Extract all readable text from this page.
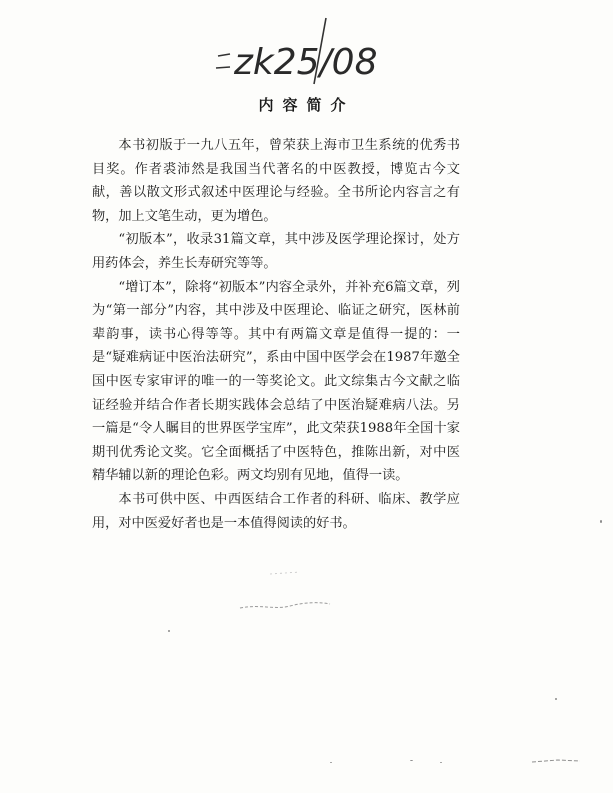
zk25/08
内容简介

本书初版于一九八五年，曾荣获上海市卫生系统的优秀书目奖。作者裘沛然是我国当代著名的中医教授，博览古今文献，善以散文形式叙述中医理论与经验。全书所论内容言之有物，加上文笔生动，更为增色。

“初版本”，收录31篇文章，其中涉及医学理论探讨，处方用药体会，养生长寿研究等等。

“增订本”，除将“初版本”内容全录外，并补充6篇文章，列为“第一部分”内容，其中涉及中医理论、临证之研究，医林前辈韵事，读书心得等等。其中有两篇文章是值得一提的：一是“疑难病证中医治法研究”，系由中国中医学会在1987年邀全国中医专家审评的唯一的一等奖论文。此文综集古今文献之临证经验并结合作者长期实践体会总结了中医治疑难病八法。另一篇是“令人瞩目的世界医学宝库”，此文荣获1988年全国十家期刊优秀论文奖。它全面概括了中医特色，推陈出新，对中医精华辅以新的理论色彩。两文均别有见地，值得一读。

本书可供中医、中西医结合工作者的科研、临床、教学应用，对中医爱好者也是一本值得阅读的好书。
